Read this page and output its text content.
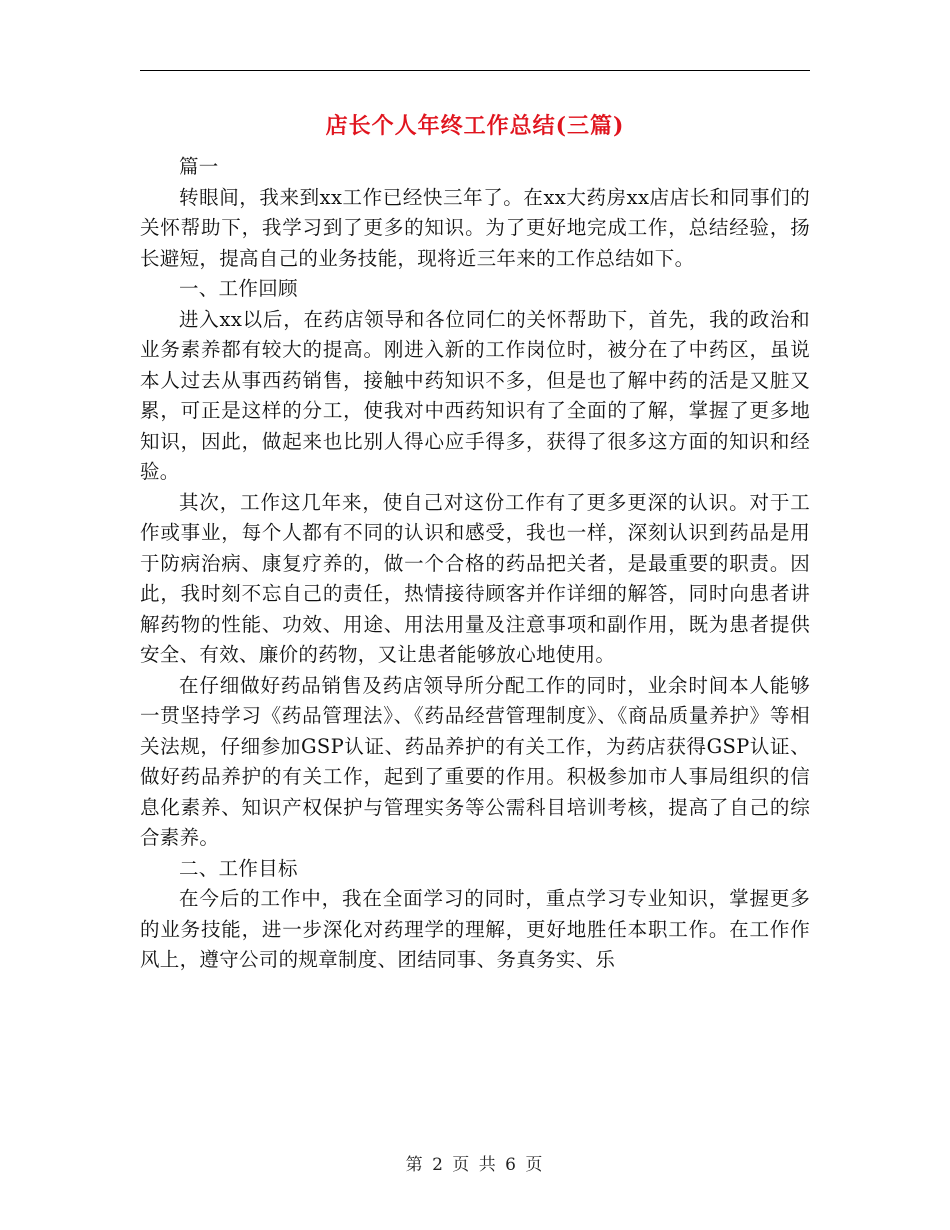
店长个人年终工作总结(三篇)

篇一

转眼间，我来到xx工作已经快三年了。在xx大药房xx店店长和同事们的关怀帮助下，我学习到了更多的知识。为了更好地完成工作，总结经验，扬长避短，提高自己的业务技能，现将近三年来的工作总结如下。

一、工作回顾

进入xx以后，在药店领导和各位同仁的关怀帮助下，首先，我的政治和业务素养都有较大的提高。刚进入新的工作岗位时，被分在了中药区，虽说本人过去从事西药销售，接触中药知识不多，但是也了解中药的活是又脏又累，可正是这样的分工，使我对中西药知识有了全面的了解，掌握了更多地知识，因此，做起来也比别人得心应手得多，获得了很多这方面的知识和经验。

其次，工作这几年来，使自己对这份工作有了更多更深的认识。对于工作或事业，每个人都有不同的认识和感受，我也一样，深刻认识到药品是用于防病治病、康复疗养的，做一个合格的药品把关者，是最重要的职责。因此，我时刻不忘自己的责任，热情接待顾客并作详细的解答，同时向患者讲解药物的性能、功效、用途、用法用量及注意事项和副作用，既为患者提供安全、有效、廉价的药物，又让患者能够放心地使用。

在仔细做好药品销售及药店领导所分配工作的同时，业余时间本人能够一贯坚持学习《药品管理法》、《药品经营管理制度》、《商品质量养护》等相关法规，仔细参加GSP认证、药品养护的有关工作，为药店获得GSP认证、做好药品养护的有关工作，起到了重要的作用。积极参加市人事局组织的信息化素养、知识产权保护与管理实务等公需科目培训考核，提高了自己的综合素养。

二、工作目标

在今后的工作中，我在全面学习的同时，重点学习专业知识，掌握更多的业务技能，进一步深化对药理学的理解，更好地胜任本职工作。在工作作风上，遵守公司的规章制度、团结同事、务真务实、乐

第 2 页 共 6 页
